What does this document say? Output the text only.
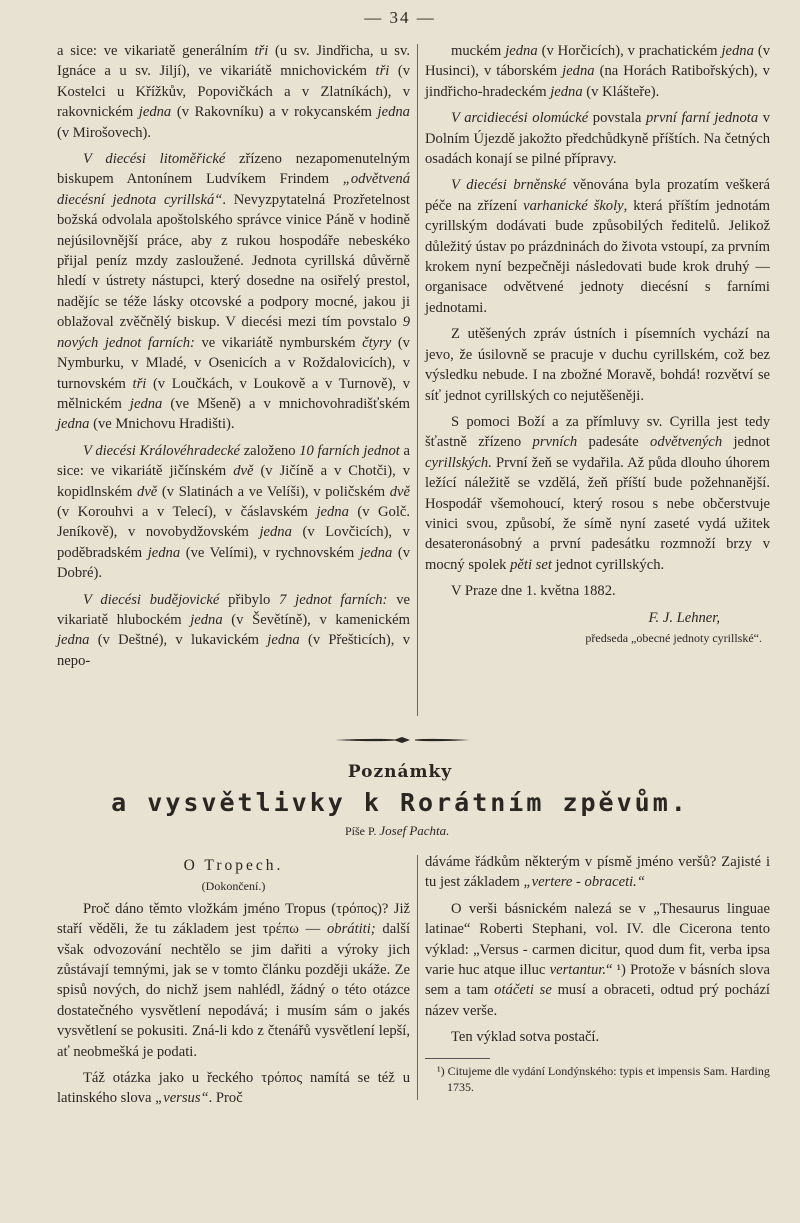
— 34 —

a sice: ve vikariatě generálním tři (u sv. Jindřicha, u sv. Ignáce a u sv. Jiljí), ve vikariátě mnichovickém tři (v Kostelci u Křížkův, Popovičkách a v Zlatníkách), v rakovnickém jedna (v Rakovníku) a v rokycanském jedna (v Mirošovech).

V diecési litoměřické zřízeno nezapomenutelným biskupem Antonínem Ludvíkem Frindem „odvětvená diecésní jednota cyrillská“. Nevyzpytatelná Prozřetelnost božská odvolala apoštolského správce vinice Páně v hodině nejúsilovnější práce, aby z rukou hospodáře nebeskéko přijal peníz mzdy zasloužené. Jednota cyrillská důvěrně hledí v ústrety nástupci, který dosedne na osiřelý prestol, nadějíc se téže lásky otcovské a podpory mocné, jakou ji oblažoval zvěčnělý biskup. V diecési mezi tím povstalo 9 nových jednot farních: ve vikariátě nymburském čtyry (v Nymburku, v Mladé, v Osenicích a v Roždalovicích), v turnovském tři (v Loučkách, v Loukově a v Turnově), v mělnickém jedna (ve Mšeně) a v mnichovohradišťském jedna (ve Mnichovu Hradišti).

V diecési Královéhradecké založeno 10 farních jednot a sice: ve vikariátě jičínském dvě (v Jičíně a v Chotči), v kopidlnském dvě (v Slatinách a ve Velíši), v poličském dvě (v Korouhvi a v Telecí), v čáslavském jedna (v Golč. Jeníkově), v novobydžovském jedna (v Lovčicích), v poděbradském jedna (ve Velími), v rychnovském jedna (v Dobré).

V diecési budějovické přibylo 7 jednot farních: ve vikariatě hlubockém jedna (v Ševětíně), v kamenickém jedna (v Deštné), v lukavickém jedna (v Přešticích), v nepo-

muckém jedna (v Horčicích), v prachatickém jedna (v Husinci), v táborském jedna (na Horách Ratibořských), v jindřicho-hradeckém jedna (v Klášteře).

V arcidiecési olomúcké povstala první farní jednota v Dolním Újezdě jakožto předchůdkyně příštích. Na četných osadách konají se pilné přípravy.

V diecési brněnské věnována byla prozatím veškerá péče na zřízení varhanické školy, která příštím jednotám cyrillským dodávati bude způsobilých ředitelů. Jelikož důležitý ústav po prázdninách do života vstoupí, za prvním krokem nyní bezpečněji následovati bude krok druhý — organisace odvětvené jednoty diecésní s farními jednotami.

Z utěšených zpráv ústních i písemních vychází na jevo, že úsilovně se pracuje v duchu cyrillském, což bez výsledku nebude. I na zbožné Moravě, bohdá! rozvětví se síť jednot cyrillských co nejutěšeněji.

S pomoci Boží a za přímluvy sv. Cyrilla jest tedy šťastně zřízeno prvních padesáte odvětvených jednot cyrillských. První žeň se vydařila. Až půda dlouho úhorem ležící náležitě se vzdělá, žeň příští bude požehnanější. Hospodář všemohoucí, který rosou s nebe občerstvuje vinici svou, způsobí, že símě nyní zaseté vydá užitek desateronásobný a první padesátku rozmnoží brzy v mocný spolek pěti set jednot cyrillských.

V Praze dne 1. května 1882.

F. J. Lehner,
předseda „obecné jednoty cyrillské“.
Poznámky
a vysvětlivky k Rorátním zpěvům.
Píše P. Josef Pachta.
O Tropech.
(Dokončení.)

Proč dáno těmto vložkám jméno Tropus (τρόπος)? Již staří věděli, že tu základem jest τρέπω — obrátiti; další však odvozování nechtělo se jim dařiti a výroky jich zůstávají temnými, jak se v tomto článku později ukáže. Ze spisů nových, do nichž jsem nahlédl, žádný o této otázce dostatečného vysvětlení nepodává; i musím sám o jakés vysvětlení se pokusiti. Zná-li kdo z čtenářů vysvětlení lepší, ať neobmešká je podati.

Táž otázka jako u řeckého τρόπος namítá se též u latinského slova „versus“. Proč

dáváme řádkům některým v písmě jméno veršů? Zajisté i tu jest základem „vertere - obraceti.“

O verši básnickém nalezá se v „Thesaurus linguae latinae“ Roberti Stephani, vol. IV. dle Cicerona tento výklad: „Versus - carmen dicitur, quod dum fit, verba ipsa varie huc atque illuc vertantur.“ ¹) Protože v básních slova sem a tam otáčeti se musí a obraceti, odtud prý pochází název verše.

Ten výklad sotva postačí.

¹) Citujeme dle vydání Londýnského: typis et impensis Sam. Harding 1735.
